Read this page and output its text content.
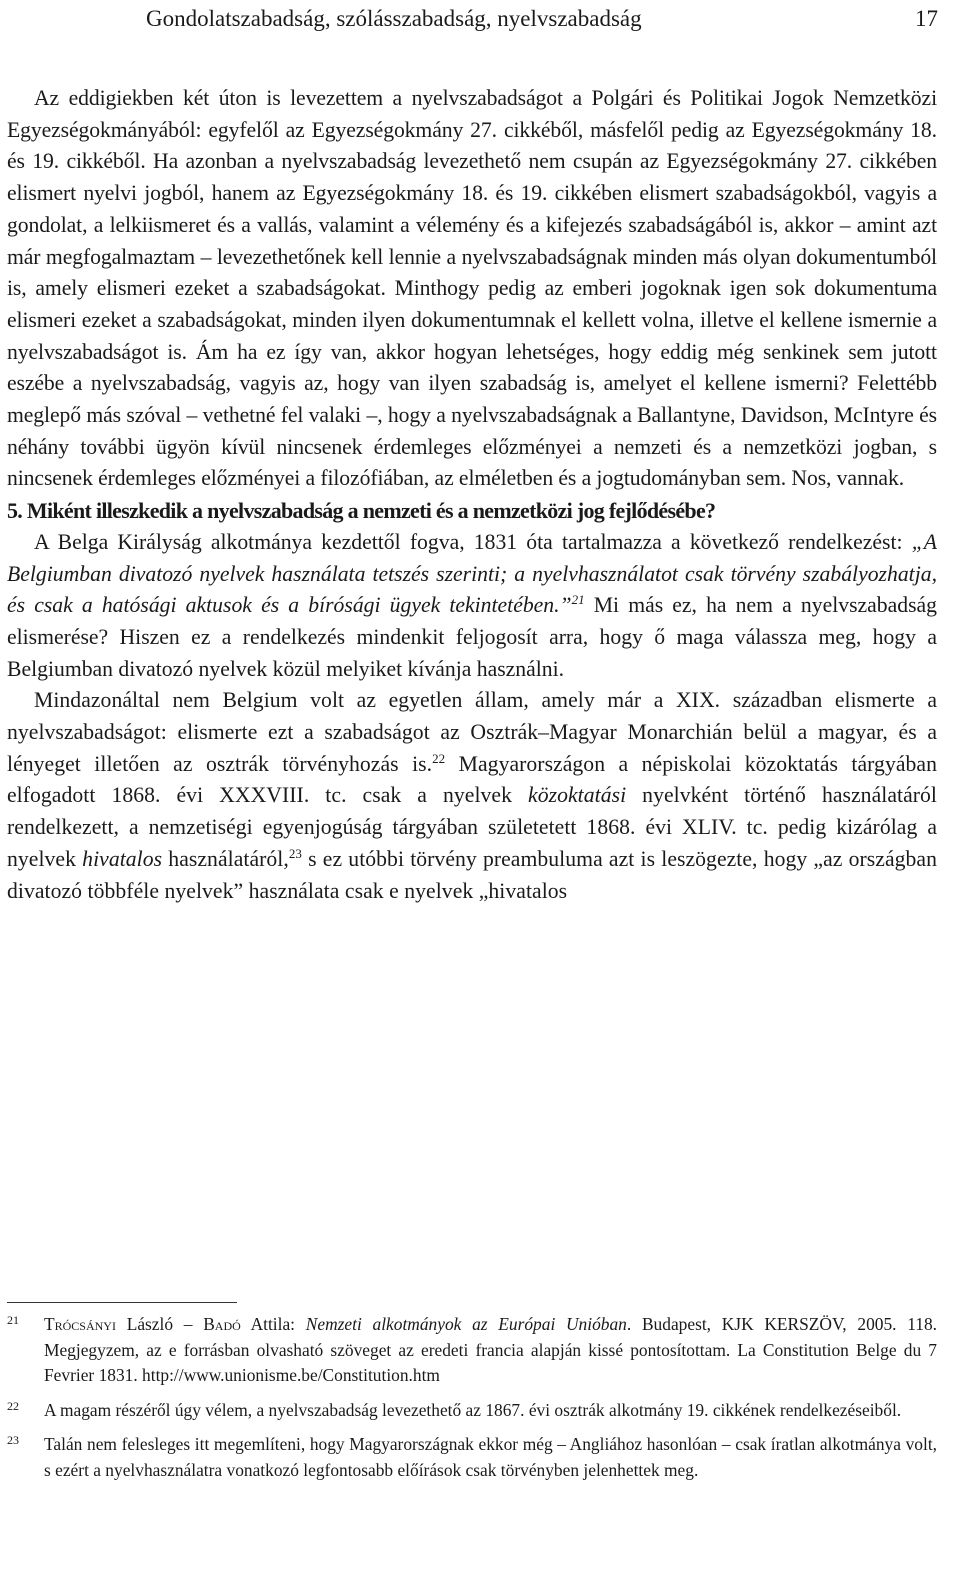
Gondolatszabadság, szólásszabadság, nyelvszabadság	17

Az eddigiekben két úton is levezettem a nyelvszabadságot a Polgári és Politikai Jogok Nemzetközi Egyezségokmányából: egyfelől az Egyezségokmány 27. cikkéből, másfelől pedig az Egyezségokmány 18. és 19. cikkéből. Ha azonban a nyelvszabadság levezethető nem csupán az Egyezségokmány 27. cikkében elismert nyelvi jogból, hanem az Egyezségokmány 18. és 19. cikkében elismert szabadságokból, vagyis a gondolat, a lelkiismeret és a vallás, valamint a vélemény és a kifejezés szabadságából is, akkor – amint azt már megfogalmaztam – levezethetőnek kell lennie a nyelvszabadságnak minden más olyan dokumentumból is, amely elismeri ezeket a szabadságokat. Minthogy pedig az emberi jogoknak igen sok dokumentuma elismeri ezeket a szabadságokat, minden ilyen dokumentumnak el kellett volna, illetve el kellene ismernie a nyelvszabadságot is. Ám ha ez így van, akkor hogyan lehetséges, hogy eddig még senkinek sem jutott eszébe a nyelvszabadság, vagyis az, hogy van ilyen szabadság is, amelyet el kellene ismerni? Felettébb meglepő más szóval – vethetné fel valaki –, hogy a nyelvszabadságnak a Ballantyne, Davidson, McIntyre és néhány további ügyön kívül nincsenek érdemleges előzményei a nemzeti és a nemzetközi jogban, s nincsenek érdemleges előzményei a filozófiában, az elméletben és a jogtudományban sem. Nos, vannak.

5. Miként illeszkedik a nyelvszabadság a nemzeti és a nemzetközi jog fejlődésébe?

A Belga Királyság alkotmánya kezdettől fogva, 1831 óta tartalmazza a következő rendelkezést: „A Belgiumban divatozó nyelvek használata tetszés szerinti; a nyelvhasználatot csak törvény szabályozhatja, és csak a hatósági aktusok és a bírósági ügyek tekintetében.”$^{21}$ Mi más ez, ha nem a nyelvszabadság elismerése? Hiszen ez a rendelkezés mindenkit feljogosít arra, hogy ő maga válassza meg, hogy a Belgiumban divatozó nyelvek közül melyiket kívánja használni.

Mindazonáltal nem Belgium volt az egyetlen állam, amely már a XIX. században elismerte a nyelvszabadságot: elismerte ezt a szabadságot az Osztrák–Magyar Monarchián belül a magyar, és a lényeget illetően az osztrák törvényhozás is.$^{22}$ Magyarországon a népiskolai közoktatás tárgyában elfogadott 1868. évi XXXVIII. tc. csak a nyelvek közoktatási nyelvként történő használatáról rendelkezett, a nemzetiségi egyenjogúság tárgyában születetett 1868. évi XLIV. tc. pedig kizárólag a nyelvek hivatalos használatáról,$^{23}$ s ez utóbbi törvény preambuluma azt is leszögezte, hogy „az országban divatozó többféle nyelvek” használata csak e nyelvek „hivatalos

21 Trócsányi László – Badó Attila: Nemzeti alkotmányok az Európai Unióban. Budapest, KJK KERSZÖV, 2005. 118. Megjegyzem, az e forrásban olvasható szöveget az eredeti francia alapján kissé pontosítottam. La Constitution Belge du 7 Fevrier 1831. http://www.unionisme.be/Constitution.htm
22 A magam részéről úgy vélem, a nyelvszabadság levezethető az 1867. évi osztrák alkotmány 19. cikkének rendelkezéseiből.
23 Talán nem felesleges itt megemlíteni, hogy Magyarországnak ekkor még – Angliához hasonlóan – csak íratlan alkotmánya volt, s ezért a nyelvhasználatra vonatkozó legfontosabb előírások csak törvényben jelenhettek meg.
